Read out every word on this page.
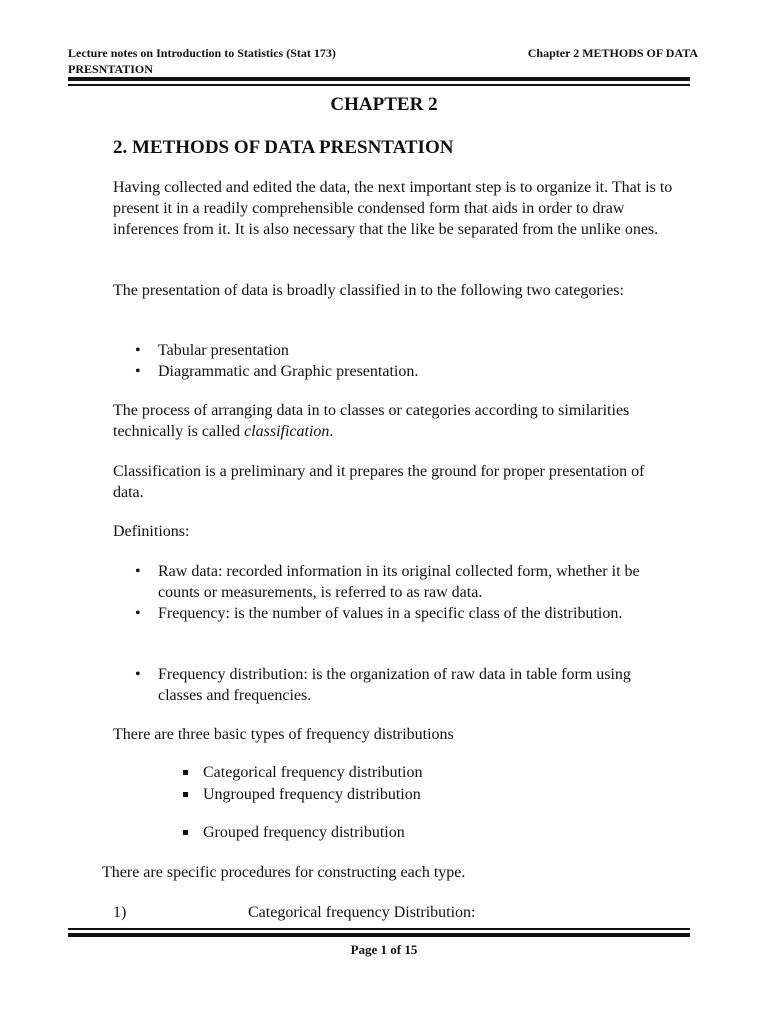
Lecture notes on Introduction to Statistics (Stat 173)
PRESNTATION
Chapter 2 METHODS OF DATA
CHAPTER 2
2. METHODS OF DATA PRESNTATION

Having collected and edited the data, the next important step is to organize it. That is to present it in a readily comprehensible condensed form that aids in order to draw inferences from it. It is also necessary that the like be separated from the unlike ones.

The presentation of data is broadly classified in to the following two categories:

• Tabular presentation
• Diagrammatic and Graphic presentation.

The process of arranging data in to classes or categories according to similarities technically is called classification.

Classification is a preliminary and it prepares the ground for proper presentation of data.

Definitions:

• Raw data: recorded information in its original collected form, whether it be counts or measurements, is referred to as raw data.
• Frequency: is the number of values in a specific class of the distribution.
• Frequency distribution: is the organization of raw data in table form using classes and frequencies.

There are three basic types of frequency distributions

Categorical frequency distribution
Ungrouped frequency distribution
Grouped frequency distribution

There are specific procedures for constructing each type.

1)	Categorical frequency Distribution:
Page 1 of 15
